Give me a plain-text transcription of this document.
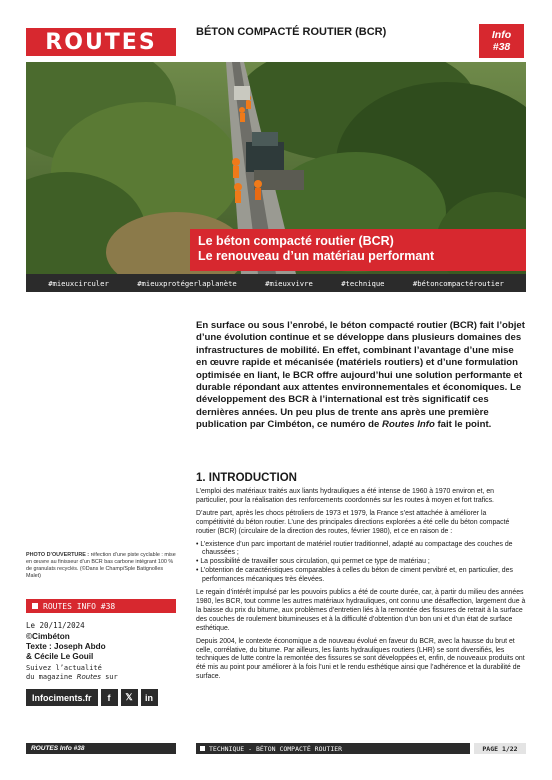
ROUTES	BÉTON COMPACTÉ ROUTIER (BCR)	Info
#38
Le béton compacté routier (BCR)
Le renouveau d’un matériau performant
#mieuxcirculer	#mieuxprotégerlaplanète	#mieuxvivre	#technique	#bétoncompactéroutier
En surface ou sous l’enrobé, le béton compacté routier (BCR) fait l’objet d’une évolution continue et se développe dans plusieurs domaines des infrastructures de mobilité. En effet, combinant l’avantage d’une mise en œuvre rapide et mécanisée (matériels routiers) et d’une formulation optimisée en liant, le BCR offre aujourd’hui une solution performante et durable répondant aux attentes environnementales et économiques. Le développement des BCR à l’international est très significatif ces dernières années. Un peu plus de trente ans après une première publication par Cimbéton, ce numéro de Routes Info fait le point.
1. INTRODUCTION

L’emploi des matériaux traités aux liants hydrauliques a été intense de 1960 à 1970 environ et, en particulier, pour la réalisation des renforcements coordonnés sur les routes à moyen et fort trafics.

D’autre part, après les chocs pétroliers de 1973 et 1979, la France s’est attachée à améliorer la compétitivité du béton routier. L’une des principales directions explorées a été celle du béton compacté routier (BCR) (circulaire de la direction des routes, février 1980), et ce en raison de :

• L’existence d’un parc important de matériel routier traditionnel, adapté au compactage des couches de chaussées ;
• La possibilité de travailler sous circulation, qui permet ce type de matériau ;
• L’obtention de caractéristiques comparables à celles du béton de ciment pervibré et, en particulier, des performances mécaniques très élevées.

Le regain d’intérêt impulsé par les pouvoirs publics a été de courte durée, car, à partir du milieu des années 1980, les BCR, tout comme les autres matériaux hydrauliques, ont connu une désaffection, largement due à la baisse du prix du bitume, aux problèmes d’entretien liés à la remontée des fissures de retrait à la surface des couches de roulement bitumineuses et à la difficulté d’obtention d’un bon uni et d’un état de surface esthétique.

Depuis 2004, le contexte économique a de nouveau évolué en faveur du BCR, avec la hausse du brut et celle, corrélative, du bitume. Par ailleurs, les liants hydrauliques routiers (LHR) se sont diversifiés, les techniques de lutte contre la remontée des fissures se sont développées et, enfin, de nouveaux produits ont été mis au point pour améliorer à la fois l’uni et le rendu esthétique ainsi que l’adhérence et la durabilité de surface.

PHOTO D’OUVERTURE : réfection d’une piste cyclable : mise en œuvre au finisseur d’un BCR bas carbone intégrant 100 % de granulats recyclés. (©Dans le Champ/Sple Batignolles Malet)
ROUTES INFO #38
Le 20/11/2024
©Cimbéton
Texte : Joseph Abdo
& Cécile Le Gouil
Suivez l’actualité
du magazine Routes sur
Infociments.fr	f	𝕏	in
ROUTES Info #38	TECHNIQUE - BÉTON COMPACTÉ ROUTIER	PAGE 1/22
